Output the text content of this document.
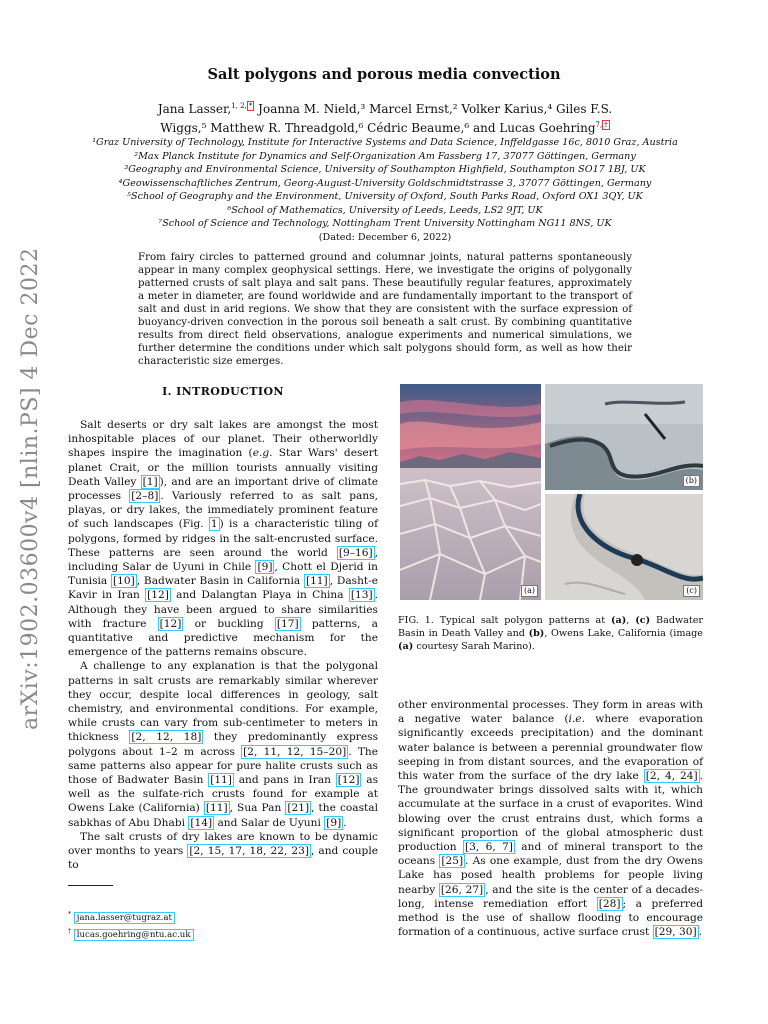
arXiv:1902.03600v4 [nlin.PS] 4 Dec 2022
Salt polygons and porous media convection
Jana Lasser,$^{1, 2,}$ * Joanna M. Nield,³ Marcel Ernst,² Volker Karius,⁴ Giles F.S.
Wiggs,⁵ Matthew R. Threadgold,⁶ Cédric Beaume,⁶ and Lucas Goehring$^{7,}$ †
¹Graz University of Technology, Institute for Interactive Systems and Data Science, Inffeldgasse 16c, 8010 Graz, Austria
²Max Planck Institute for Dynamics and Self-Organization Am Fassberg 17, 37077 Göttingen, Germany
³Geography and Environmental Science, University of Southampton Highfield, Southampton SO17 1BJ, UK
⁴Geowissenschaftliches Zentrum, Georg-August-University Goldschmidtstrasse 3, 37077 Göttingen, Germany
⁵School of Geography and the Environment, University of Oxford, South Parks Road, Oxford OX1 3QY, UK
⁶School of Mathematics, University of Leeds, Leeds, LS2 9JT, UK
⁷School of Science and Technology, Nottingham Trent University Nottingham NG11 8NS, UK
(Dated: December 6, 2022)
From fairy circles to patterned ground and columnar joints, natural patterns spontaneously appear in many complex geophysical settings. Here, we investigate the origins of polygonally patterned crusts of salt playa and salt pans. These beautifully regular features, approximately a meter in diameter, are found worldwide and are fundamentally important to the transport of salt and dust in arid regions. We show that they are consistent with the surface expression of buoyancy-driven convection in the porous soil beneath a salt crust. By combining quantitative results from direct field observations, analogue experiments and numerical simulations, we further determine the conditions under which salt polygons should form, as well as how their characteristic size emerges.
I. INTRODUCTION

Salt deserts or dry salt lakes are amongst the most inhospitable places of our planet. Their otherworldly shapes inspire the imagination (e.g. Star Wars' desert planet Crait, or the million tourists annually visiting Death Valley [1] ), and are an important drive of climate processes [2–8] . Variously referred to as salt pans, playas, or dry lakes, the immediately prominent feature of such landscapes (Fig. 1 ) is a characteristic tiling of polygons, formed by ridges in the salt-encrusted surface. These patterns are seen around the world [9–16] , including Salar de Uyuni in Chile [9] , Chott el Djerid in Tunisia [10] , Badwater Basin in California [11] , Dasht-e Kavir in Iran [12] and Dalangtan Playa in China [13] . Although they have been argued to share similarities with fracture [12] or buckling [17] patterns, a quantitative and predictive mechanism for the emergence of the patterns remains obscure.

A challenge to any explanation is that the polygonal patterns in salt crusts are remarkably similar wherever they occur, despite local differences in geology, salt chemistry, and environmental conditions. For example, while crusts can vary from sub-centimeter to meters in thickness [2, 12, 18] they predominantly express polygons about 1–2 m across [2, 11, 12, 15–20] . The same patterns also appear for pure halite crusts such as those of Badwater Basin [11] and pans in Iran [12] as well as the sulfate-rich crusts found for example at Owens Lake (California) [11] , Sua Pan [21] , the coastal sabkhas of Abu Dhabi [14] and Salar de Uyuni [9] .

The salt crusts of dry lakes are known to be dynamic over months to years [2, 15, 17, 18, 22, 23] , and couple to

(a)
(b)
(c)
FIG. 1. Typical salt polygon patterns at (a), (c) Badwater Basin in Death Valley and (b), Owens Lake, California (image (a) courtesy Sarah Marino).

other environmental processes. They form in areas with a negative water balance (i.e. where evaporation significantly exceeds precipitation) and the dominant water balance is between a perennial groundwater flow seeping in from distant sources, and the evaporation of this water from the surface of the dry lake [2, 4, 24] . The groundwater brings dissolved salts with it, which accumulate at the surface in a crust of evaporites. Wind blowing over the crust entrains dust, which forms a significant proportion of the global atmospheric dust production [3, 6, 7] and of mineral transport to the oceans [25] . As one example, dust from the dry Owens Lake has posed health problems for people living nearby [26, 27] , and the site is the center of a decades-long, intense remediation effort [28] ; a preferred method is the use of shallow flooding to encourage formation of a continuous, active surface crust [29, 30] .

* jana.lasser@tugraz.at
† lucas.goehring@ntu.ac.uk
